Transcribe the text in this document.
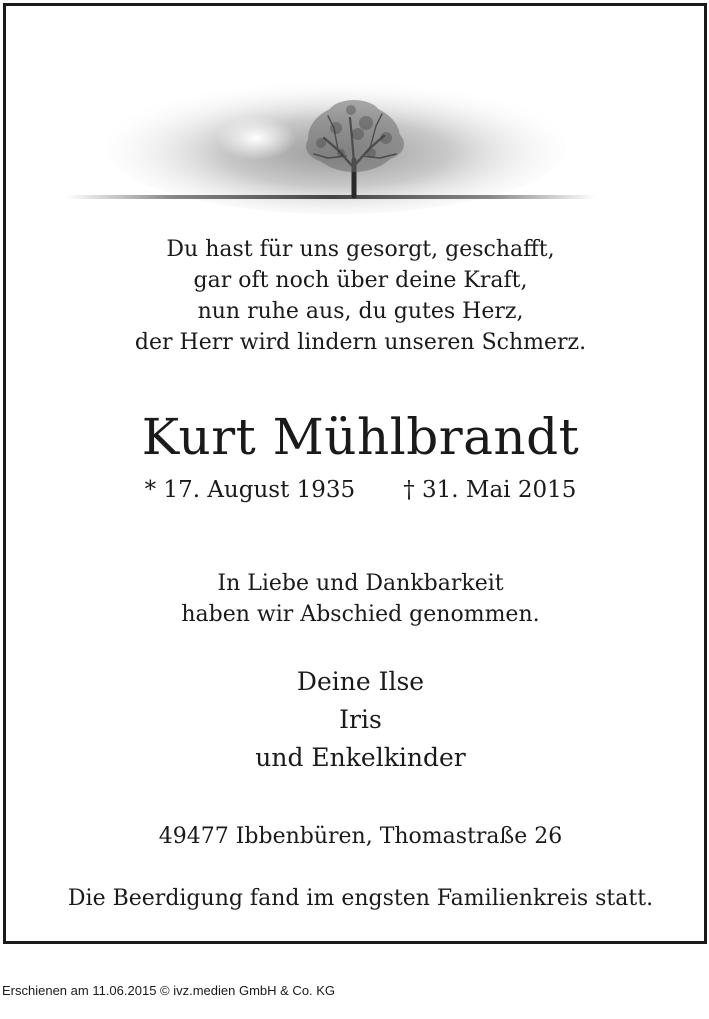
Du hast für uns gesorgt, geschafft,
gar oft noch über deine Kraft,
nun ruhe aus, du gutes Herz,
der Herr wird lindern unseren Schmerz.
Kurt Mühlbrandt
* 17. August 1935 † 31. Mai 2015
In Liebe und Dankbarkeit
haben wir Abschied genommen.
Deine Ilse
Iris
und Enkelkinder
49477 Ibbenbüren, Thomastraße 26
Die Beerdigung fand im engsten Familienkreis statt.
Erschienen am 11.06.2015 © ivz.medien GmbH & Co. KG
